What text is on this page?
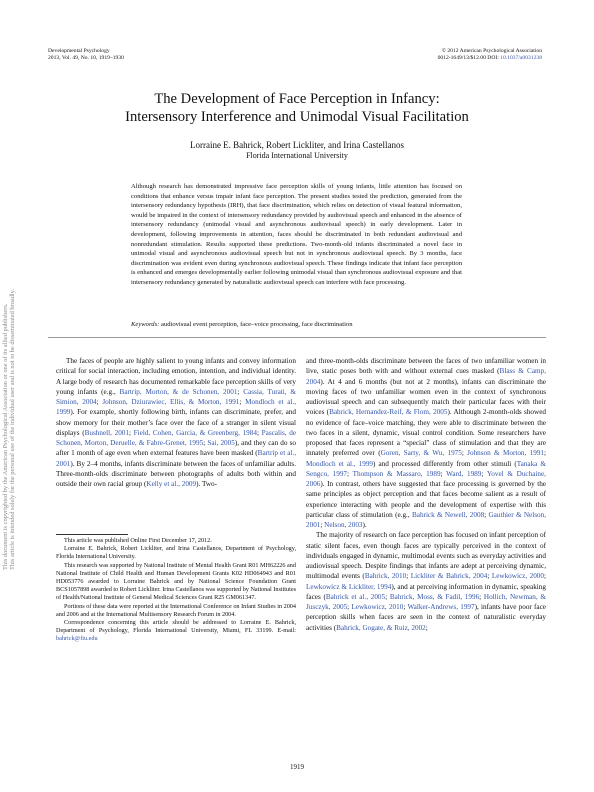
This document is copyrighted by the American Psychological Association or one of its allied publishers. This article is intended solely for the personal use of the individual user and is not to be disseminated broadly.
Developmental Psychology
2013, Vol. 49, No. 10, 1919–1930
© 2012 American Psychological Association
0012-1649/13/$12.00 DOI: 10.1037/a0031238
The Development of Face Perception in Infancy:
Intersensory Interference and Unimodal Visual Facilitation
Lorraine E. Bahrick, Robert Lickliter, and Irina Castellanos
Florida International University
Although research has demonstrated impressive face perception skills of young infants, little attention has focused on conditions that enhance versus impair infant face perception. The present studies tested the prediction, generated from the intersensory redundancy hypothesis (IRH), that face discrimination, which relies on detection of visual featural information, would be impaired in the context of intersensory redundancy provided by audiovisual speech and enhanced in the absence of intersensory redundancy (unimodal visual and asynchronous audiovisual speech) in early development. Later in development, following improvements in attention, faces should be discriminated in both redundant audiovisual and nonredundant stimulation. Results supported these predictions. Two-month-old infants discriminated a novel face in unimodal visual and asynchronous audiovisual speech but not in synchronous audiovisual speech. By 3 months, face discrimination was evident even during synchronous audiovisual speech. These findings indicate that infant face perception is enhanced and emerges developmentally earlier following unimodal visual than synchronous audiovisual exposure and that intersensory redundancy generated by naturalistic audiovisual speech can interfere with face processing.
Keywords: audiovisual event perception, face–voice processing, face discrimination

The faces of people are highly salient to young infants and convey information critical for social interaction, including emotion, intention, and individual identity. A large body of research has documented remarkable face perception skills of very young infants (e.g., Bartrip, Morton, & de Schonen, 2001; Cassia, Turati, & Simion, 2004; Johnson, Dziurawiec, Ellis, & Morton, 1991; Mondloch et al., 1999). For example, shortly following birth, infants can discriminate, prefer, and show memory for their mother’s face over the face of a stranger in silent visual displays (Bushnell, 2001; Field, Cohen, Garcia, & Greenberg, 1984; Pascalis, de Schonen, Morton, Deruelle, & Fabre-Grenet, 1995; Sai, 2005), and they can do so after 1 month of age even when external features have been masked (Bartrip et al., 2001). By 2–4 months, infants discriminate between the faces of unfamiliar adults. Three-month-olds discriminate between photographs of adults both within and outside their own racial group (Kelly et al., 2009). Two-

This article was published Online First December 17, 2012.

Lorraine E. Bahrick, Robert Lickliter, and Irina Castellanos, Department of Psychology, Florida International University.

This research was supported by National Institute of Mental Health Grant R01 MH62226 and National Institute of Child Health and Human Development Grants K02 HD064943 and R01 HD053776 awarded to Lorraine Bahrick and by National Science Foundation Grant BCS1057898 awarded to Robert Lickliter. Irina Castellanos was supported by National Institutes of Health/National Institute of General Medical Sciences Grant R25 GM061347.

Portions of these data were reported at the International Conference on Infant Studies in 2004 and 2006 and at the International Multisensory Research Forum in 2004.

Correspondence concerning this article should be addressed to Lorraine E. Bahrick, Department of Psychology, Florida International University, Miami, FL 33199. E-mail: bahrick@fiu.edu

and three-month-olds discriminate between the faces of two unfamiliar women in live, static poses both with and without external cues masked (Blass & Camp, 2004). At 4 and 6 months (but not at 2 months), infants can discriminate the moving faces of two unfamiliar women even in the context of synchronous audiovisual speech and can subsequently match their particular faces with their voices (Bahrick, Hernandez-Reif, & Flom, 2005). Although 2-month-olds showed no evidence of face–voice matching, they were able to discriminate between the two faces in a silent, dynamic, visual control condition. Some researchers have proposed that faces represent a “special” class of stimulation and that they are innately preferred over (Goren, Sarty, & Wu, 1975; Johnson & Morton, 1991; Mondloch et al., 1999) and processed differently from other stimuli (Tanaka & Sengco, 1997; Thompson & Massaro, 1989; Ward, 1989; Yovel & Duchaine, 2006). In contrast, others have suggested that face processing is governed by the same principles as object perception and that faces become salient as a result of experience interacting with people and the development of expertise with this particular class of stimulation (e.g., Bahrick & Newell, 2008; Gauthier & Nelson, 2001; Nelson, 2003).

The majority of research on face perception has focused on infant perception of static silent faces, even though faces are typically perceived in the context of individuals engaged in dynamic, multimodal events such as everyday activities and audiovisual speech. Despite findings that infants are adept at perceiving dynamic, multimodal events (Bahrick, 2010; Lickliter & Bahrick, 2004; Lewkowicz, 2000; Lewkowicz & Lickliter, 1994), and at perceiving information in dynamic, speaking faces (Bahrick et al., 2005; Bahrick, Moss, & Fadil, 1996; Hollich, Newman, & Jusczyk, 2005; Lewkowicz, 2010; Walker-Andrews, 1997), infants have poor face perception skills when faces are seen in the context of naturalistic everyday activities (Bahrick, Gogate, & Ruiz, 2002;

1919
